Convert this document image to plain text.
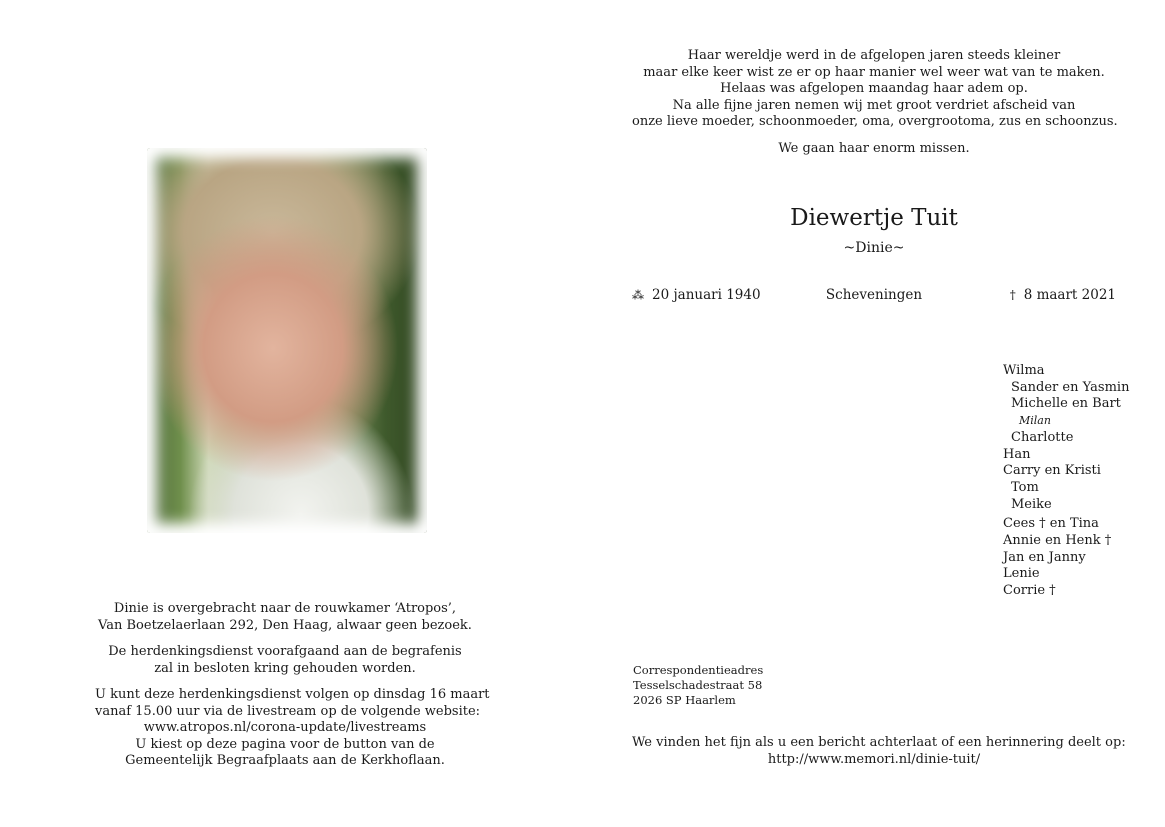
Dinie is overgebracht naar de rouwkamer ‘Atropos’,
Van Boetzelaerlaan 292, Den Haag, alwaar geen bezoek.
De herdenkingsdienst voorafgaand aan de begrafenis
zal in besloten kring gehouden worden.
U kunt deze herdenkingsdienst volgen op dinsdag 16 maart
vanaf 15.00 uur via de livestream op de volgende website:
www.atropos.nl/corona-update/livestreams
U kiest op deze pagina voor de button van de
Gemeentelijk Begraafplaats aan de Kerkhoflaan.
Haar wereldje werd in de afgelopen jaren steeds kleiner
maar elke keer wist ze er op haar manier wel weer wat van te maken.
Helaas was afgelopen maandag haar adem op.
Na alle fijne jaren nemen wij met groot verdriet afscheid van
onze lieve moeder, schoonmoeder, oma, overgrootoma, zus en schoonzus.
We gaan haar enorm missen.
Diewertje Tuit
~Dinie~
⁂ 20 januari 1940	Scheveningen	† 8 maart 2021
Wilma
Sander en Yasmin
Michelle en Bart
Milan
Charlotte
Han
Carry en Kristi
Tom
Meike
Cees † en Tina
Annie en Henk †
Jan en Janny
Lenie
Corrie †
Correspondentieadres
Tesselschadestraat 58
2026 SP Haarlem
We vinden het fijn als u een bericht achterlaat of een herinnering deelt op:
http://www.memori.nl/dinie-tuit/
